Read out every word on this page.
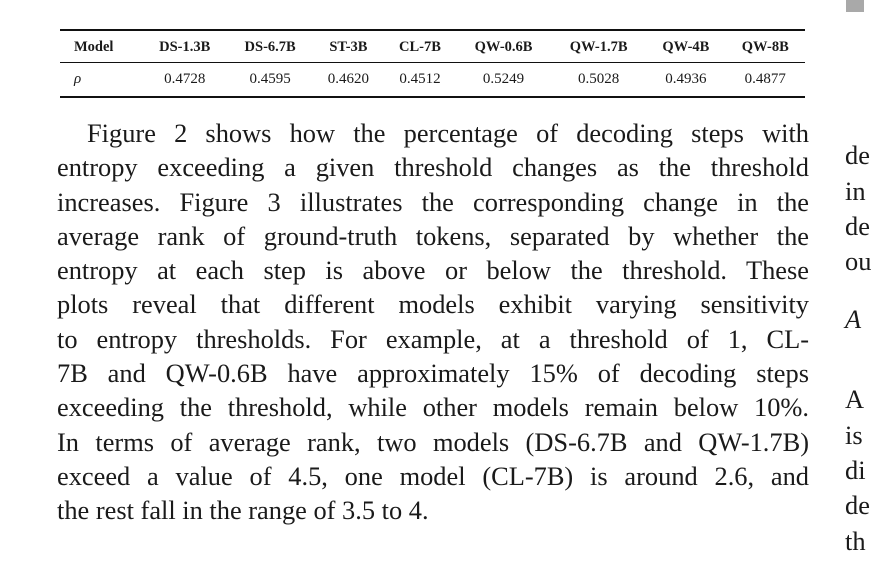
Model	DS-1.3B	DS-6.7B	ST-3B	CL-7B	QW-0.6B	QW-1.7B	QW-4B	QW-8B
ρ	0.4728	0.4595	0.4620	0.4512	0.5249	0.5028	0.4936	0.4877

Figure 2 shows how the percentage of decoding steps with
entropy exceeding a given threshold changes as the threshold
increases. Figure 3 illustrates the corresponding change in the
average rank of ground-truth tokens, separated by whether the
entropy at each step is above or below the threshold. These
plots reveal that different models exhibit varying sensitivity
to entropy thresholds. For example, at a threshold of 1, CL-
7B and QW-0.6B have approximately 15% of decoding steps
exceeding the threshold, while other models remain below 10%.
In terms of average rank, two models (DS-6.7B and QW-1.7B)
exceed a value of 4.5, one model (CL-7B) is around 2.6, and
the rest fall in the range of 3.5 to 4.

de
in
de
ou
A
A
is
di
de
th
